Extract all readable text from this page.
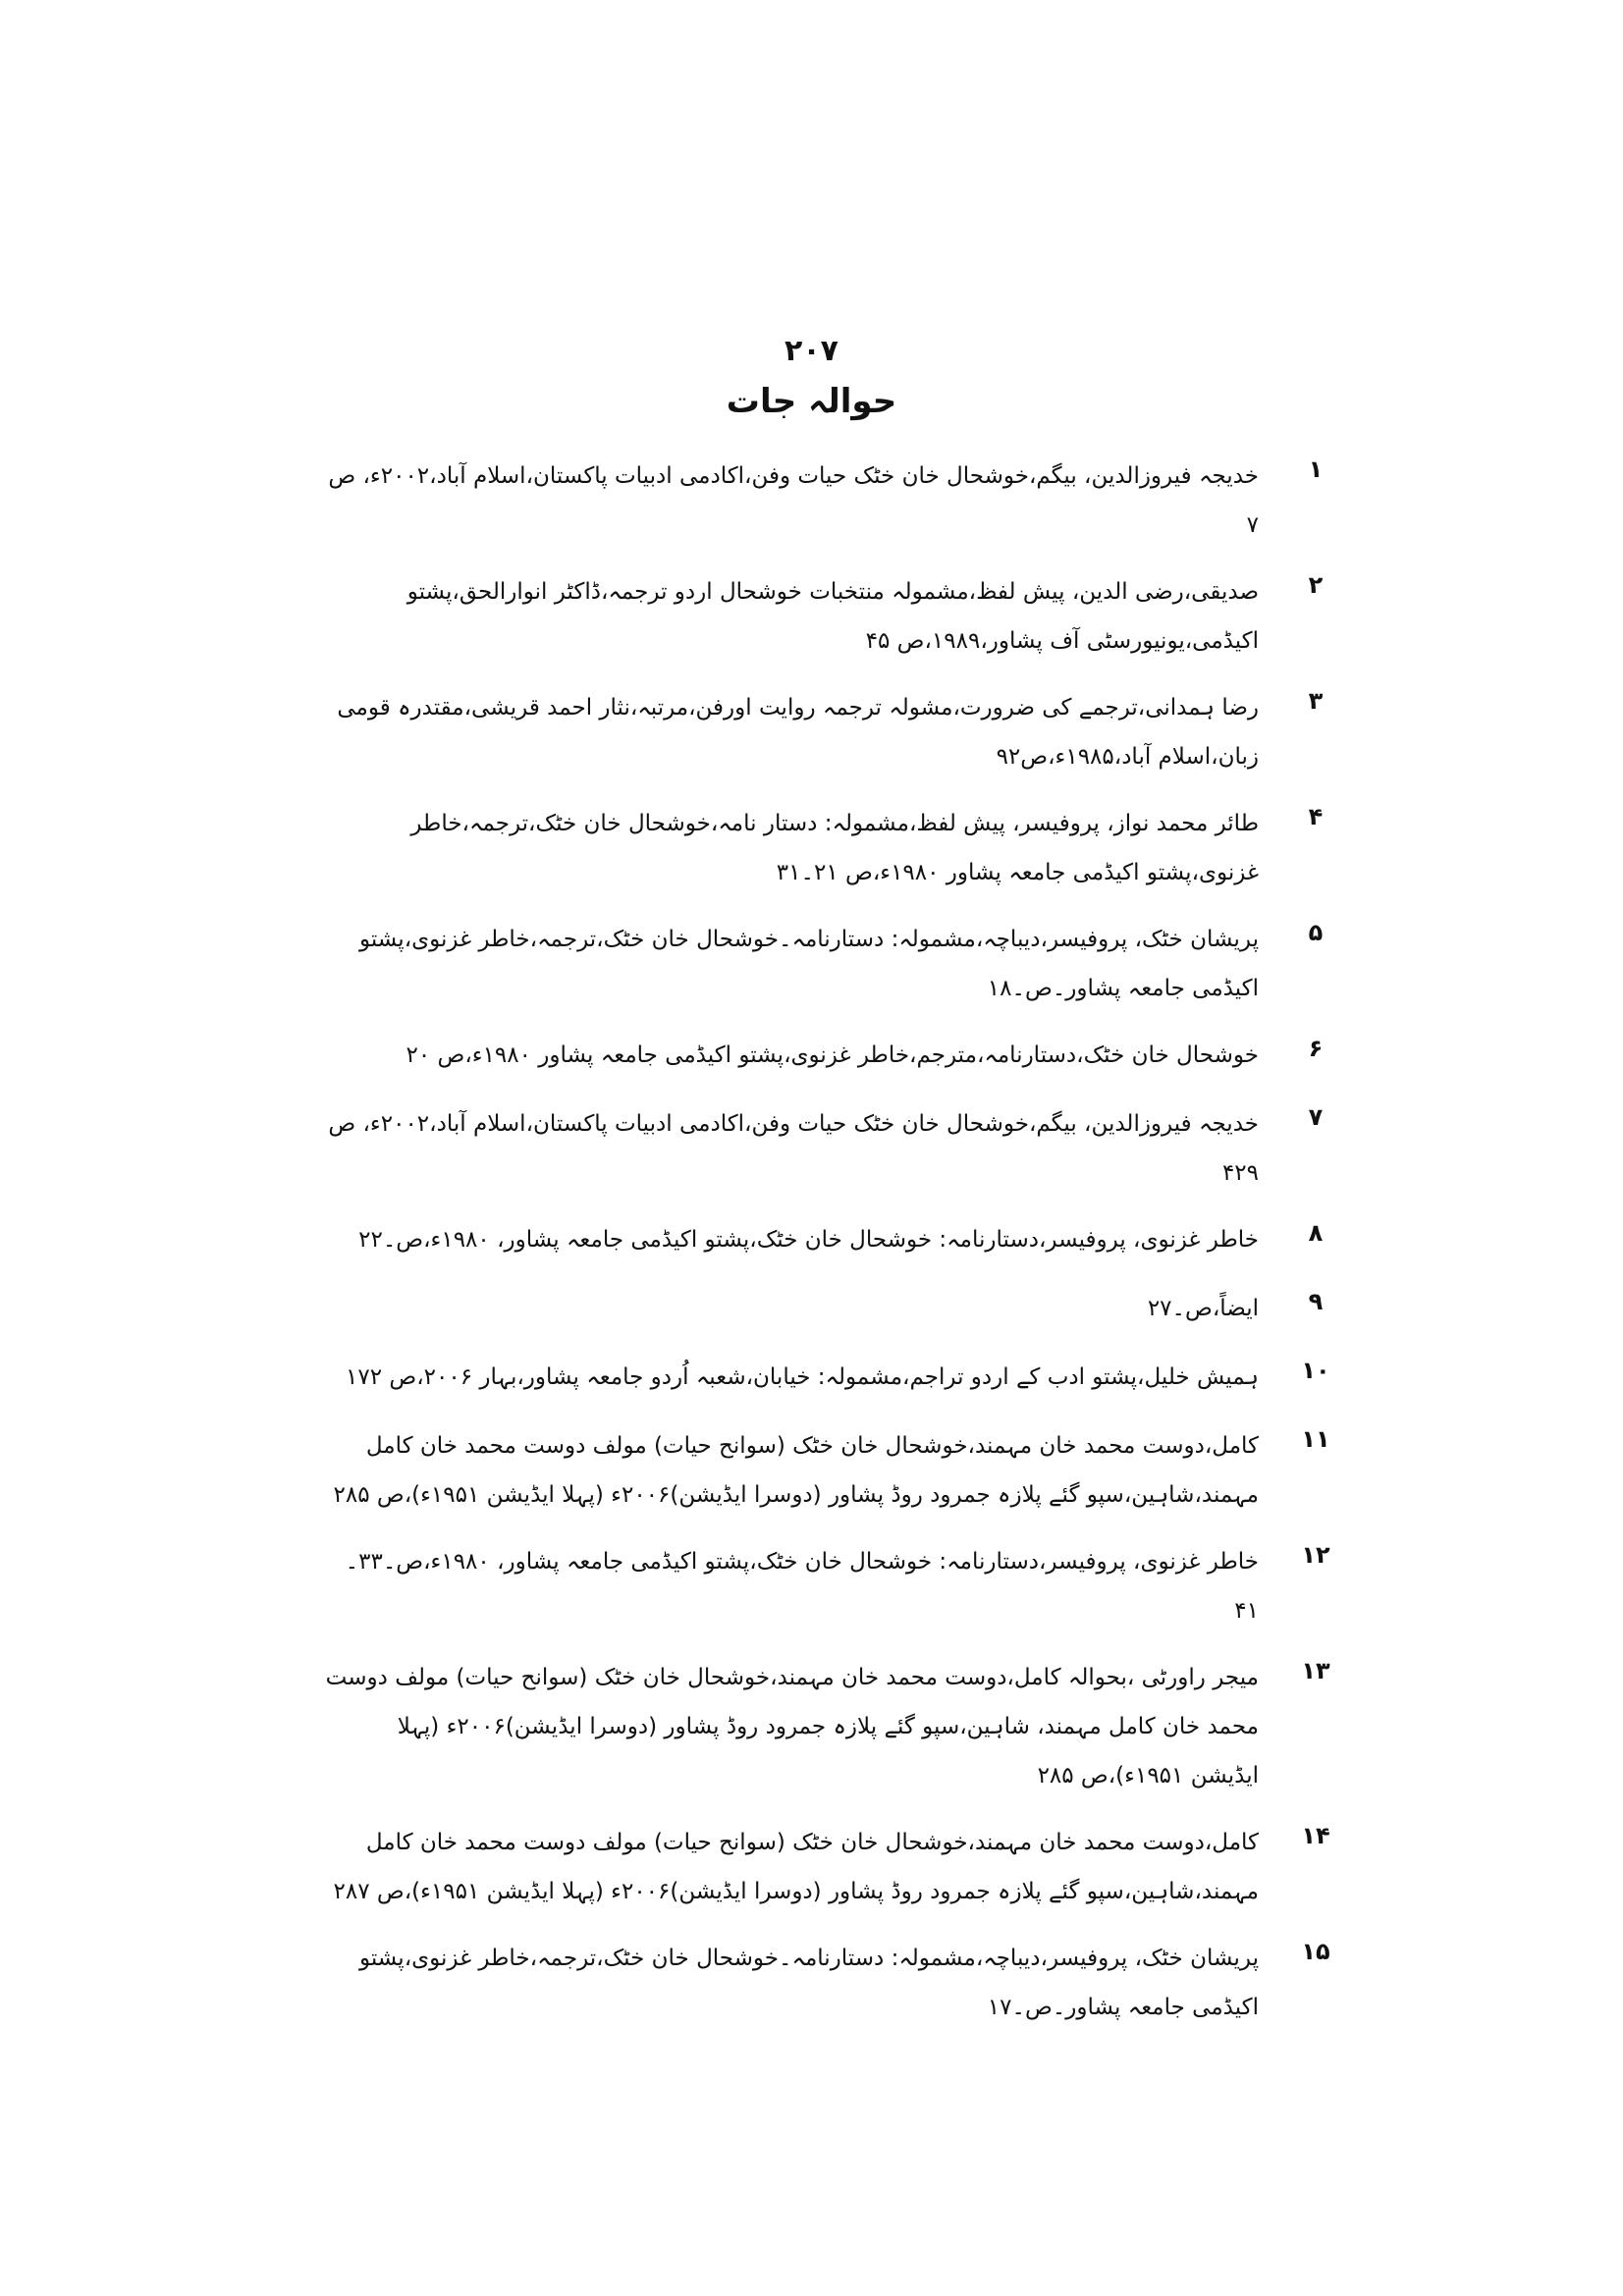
۲۰۷
حوالہ جات
۱
خدیجہ فیروزالدین، بیگم،خوشحال خان خٹک حیات وفن،اکادمی ادبیات پاکستان،اسلام آباد،۲۰۰۲ء، ص ۷
۲
صدیقی،رضی الدین، پیش لفظ،مشمولہ منتخبات خوشحال اردو ترجمہ،ڈاکٹر انوارالحق،پشتو اکیڈمی،یونیورسٹی آف پشاور،۱۹۸۹،ص ۴۵
۳
رضا ہمدانی،ترجمے کی ضرورت،مشولہ ترجمہ روایت اورفن،مرتبہ،نثار احمد قریشی،مقتدرہ قومی زبان،اسلام آباد،۱۹۸۵ء،ص۹۲
۴
طائر محمد نواز، پروفیسر، پیش لفظ،مشمولہ: دستار نامہ،خوشحال خان خٹک،ترجمہ،خاطر غزنوی،پشتو اکیڈمی جامعہ پشاور ۱۹۸۰ء،ص ۲۱۔۳۱
۵
پریشان خٹک، پروفیسر،دیباچہ،مشمولہ: دستارنامہ۔خوشحال خان خٹک،ترجمہ،خاطر غزنوی،پشتو اکیڈمی جامعہ پشاور۔ص۔۱۸
۶
خوشحال خان خٹک،دستارنامہ،مترجم،خاطر غزنوی،پشتو اکیڈمی جامعہ پشاور ۱۹۸۰ء،ص ۲۰
۷
خدیجہ فیروزالدین، بیگم،خوشحال خان خٹک حیات وفن،اکادمی ادبیات پاکستان،اسلام آباد،۲۰۰۲ء، ص ۴۲۹
۸
خاطر غزنوی، پروفیسر،دستارنامہ: خوشحال خان خٹک،پشتو اکیڈمی جامعہ پشاور، ۱۹۸۰ء،ص۔۲۲
۹
ایضاً،ص۔۲۷
۱۰
ہمیش خلیل،پشتو ادب کے اردو تراجم،مشمولہ: خیابان،شعبہ اُردو جامعہ پشاور،بہار ۲۰۰۶،ص ۱۷۲
۱۱
کامل،دوست محمد خان مہمند،خوشحال خان خٹک (سوانح حیات) مولف دوست محمد خان کامل مہمند،شاہین،سپو گئے پلازہ جمرود روڈ پشاور (دوسرا ایڈیشن)۲۰۰۶ء (پہلا ایڈیشن ۱۹۵۱ء)،ص ۲۸۵
۱۲
خاطر غزنوی، پروفیسر،دستارنامہ: خوشحال خان خٹک،پشتو اکیڈمی جامعہ پشاور، ۱۹۸۰ء،ص۔۳۳۔۴۱
۱۳
میجر راورٹی ،بحوالہ کامل،دوست محمد خان مہمند،خوشحال خان خٹک (سوانح حیات) مولف دوست محمد خان کامل مہمند، شاہین،سپو گئے پلازہ جمرود روڈ پشاور (دوسرا ایڈیشن)۲۰۰۶ء (پہلا ایڈیشن ۱۹۵۱ء)،ص ۲۸۵
۱۴
کامل،دوست محمد خان مہمند،خوشحال خان خٹک (سوانح حیات) مولف دوست محمد خان کامل مہمند،شاہین،سپو گئے پلازہ جمرود روڈ پشاور (دوسرا ایڈیشن)۲۰۰۶ء (پہلا ایڈیشن ۱۹۵۱ء)،ص ۲۸۷
۱۵
پریشان خٹک، پروفیسر،دیباچہ،مشمولہ: دستارنامہ۔خوشحال خان خٹک،ترجمہ،خاطر غزنوی،پشتو اکیڈمی جامعہ پشاور۔ص۔۱۷
